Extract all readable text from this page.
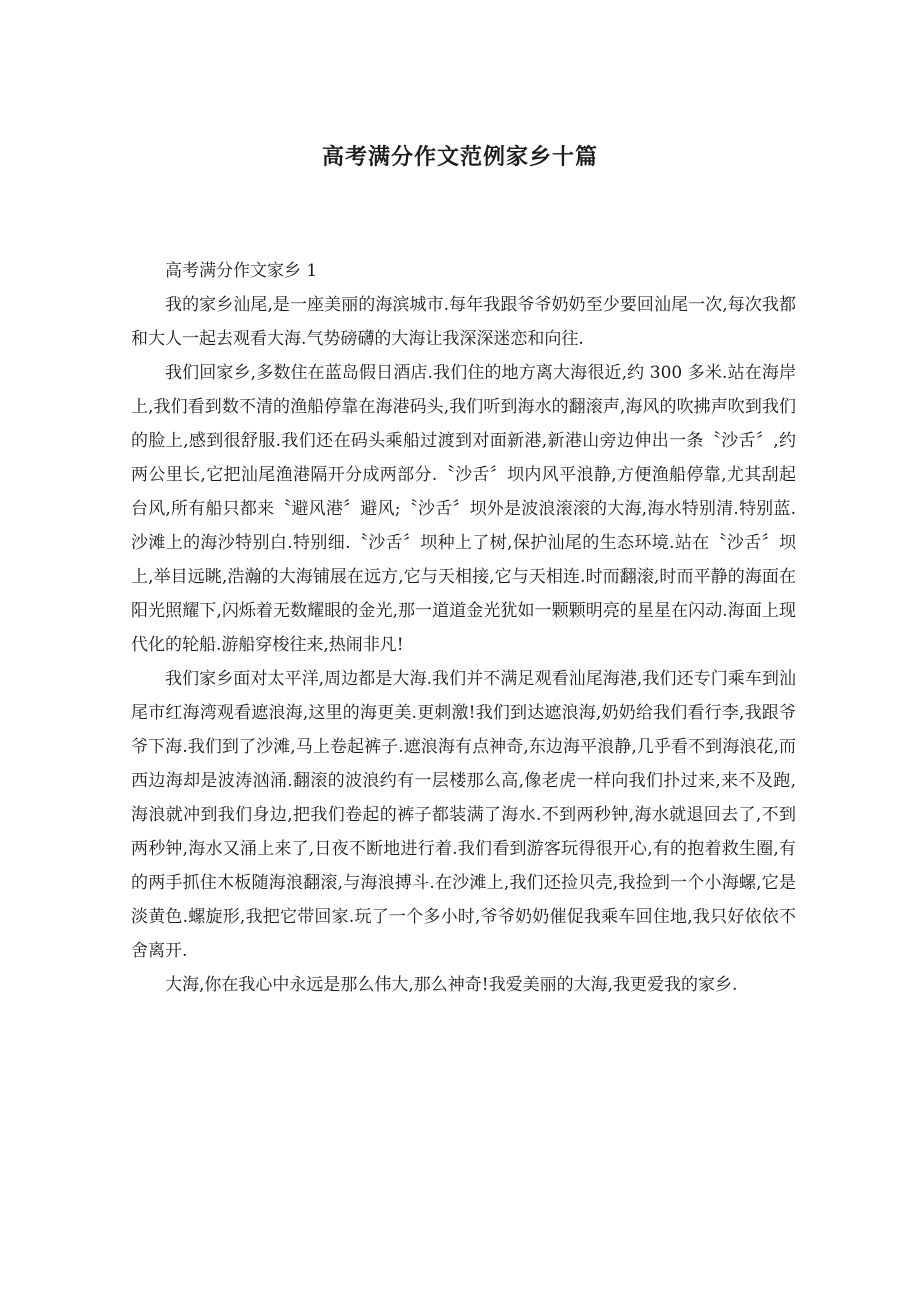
高考满分作文范例家乡十篇

高考满分作文家乡 1

我的家乡汕尾,是一座美丽的海滨城市.每年我跟爷爷奶奶至少要回汕尾一次,每次我都和大人一起去观看大海.气势磅礴的大海让我深深迷恋和向往.

我们回家乡,多数住在蓝岛假日酒店.我们住的地方离大海很近,约 300 多米.站在海岸上,我们看到数不清的渔船停靠在海港码头,我们听到海水的翻滚声,海风的吹拂声吹到我们的脸上,感到很舒服.我们还在码头乘船过渡到对面新港,新港山旁边伸出一条〝沙舌〞,约两公里长,它把汕尾渔港隔开分成两部分.〝沙舌〞坝内风平浪静,方便渔船停靠,尤其刮起台风,所有船只都来〝避风港〞避风;〝沙舌〞坝外是波浪滚滚的大海,海水特别清.特别蓝.沙滩上的海沙特别白.特别细.〝沙舌〞坝种上了树,保护汕尾的生态环境.站在〝沙舌〞坝上,举目远眺,浩瀚的大海铺展在远方,它与天相接,它与天相连.时而翻滚,时而平静的海面在阳光照耀下,闪烁着无数耀眼的金光,那一道道金光犹如一颗颗明亮的星星在闪动.海面上现代化的轮船.游船穿梭往来,热闹非凡!

我们家乡面对太平洋,周边都是大海.我们并不满足观看汕尾海港,我们还专门乘车到汕尾市红海湾观看遮浪海,这里的海更美.更刺激!我们到达遮浪海,奶奶给我们看行李,我跟爷爷下海.我们到了沙滩,马上卷起裤子.遮浪海有点神奇,东边海平浪静,几乎看不到海浪花,而西边海却是波涛汹涌.翻滚的波浪约有一层楼那么高,像老虎一样向我们扑过来,来不及跑,海浪就冲到我们身边,把我们卷起的裤子都装满了海水.不到两秒钟,海水就退回去了,不到两秒钟,海水又涌上来了,日夜不断地进行着.我们看到游客玩得很开心,有的抱着救生圈,有的两手抓住木板随海浪翻滚,与海浪搏斗.在沙滩上,我们还捡贝壳,我捡到一个小海螺,它是淡黄色.螺旋形,我把它带回家.玩了一个多小时,爷爷奶奶催促我乘车回住地,我只好依依不舍离开.

大海,你在我心中永远是那么伟大,那么神奇!我爱美丽的大海,我更爱我的家乡.
